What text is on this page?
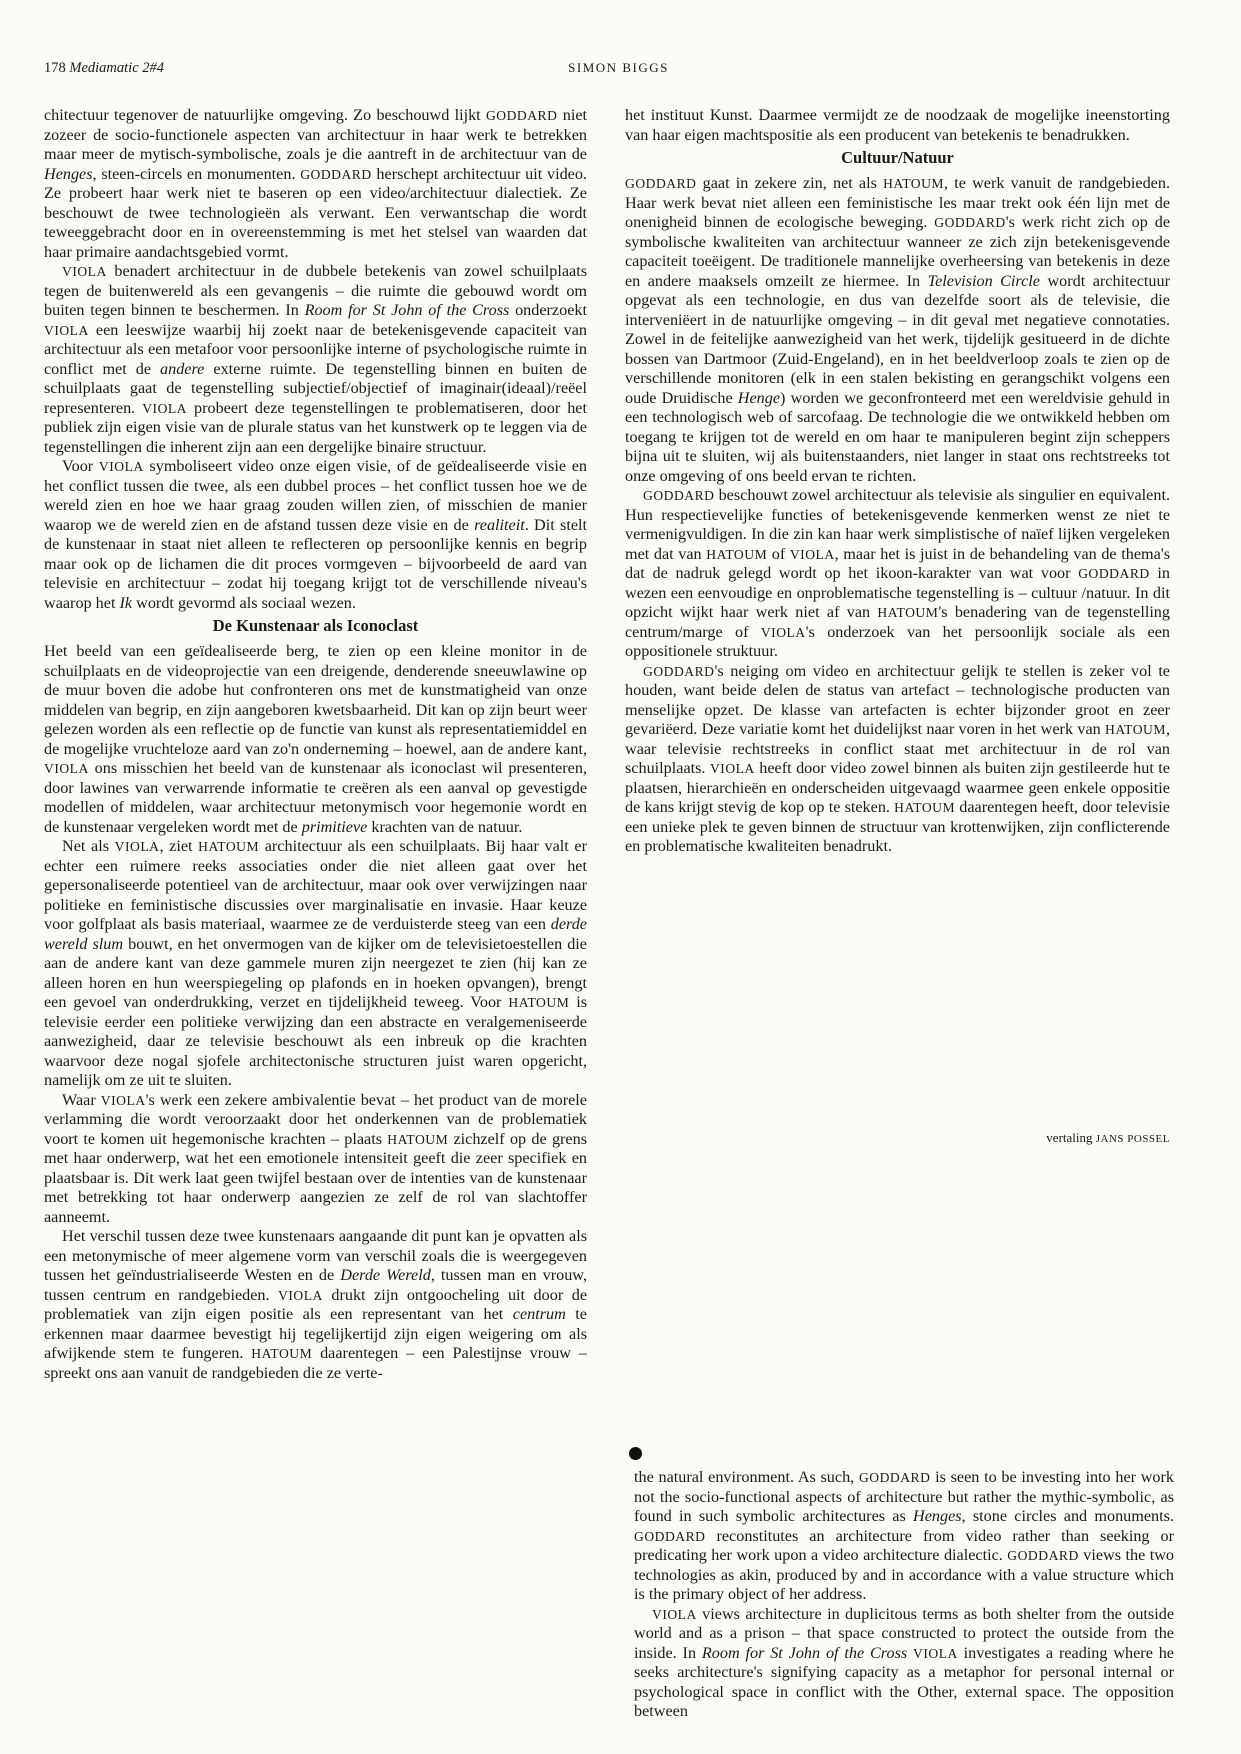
178 Mediamatic 2#4	SIMON BIGGS

chitectuur tegenover de natuurlijke omgeving. Zo beschouwd lijkt GODDARD niet zozeer de socio-functionele aspecten van architectuur in haar werk te betrekken maar meer de mytisch-symbolische, zoals je die aantreft in de architectuur van de Henges, steen-circels en monumenten. GODDARD herschept architectuur uit video. Ze probeert haar werk niet te baseren op een video/architectuur dialectiek. Ze beschouwt de twee technologieën als verwant. Een verwantschap die wordt teweeggebracht door en in overeenstemming is met het stelsel van waarden dat haar primaire aandachtsgebied vormt.

VIOLA benadert architectuur in de dubbele betekenis van zowel schuilplaats tegen de buitenwereld als een gevangenis – die ruimte die gebouwd wordt om buiten tegen binnen te beschermen. In Room for St John of the Cross onderzoekt VIOLA een leeswijze waarbij hij zoekt naar de betekenisgevende capaciteit van architectuur als een metafoor voor persoonlijke interne of psychologische ruimte in conflict met de andere externe ruimte. De tegenstelling binnen en buiten de schuilplaats gaat de tegenstelling subjectief/objectief of imaginair(ideaal)/reëel representeren. VIOLA probeert deze tegenstellingen te problematiseren, door het publiek zijn eigen visie van de plurale status van het kunstwerk op te leggen via de tegenstellingen die inherent zijn aan een dergelijke binaire structuur.

Voor VIOLA symboliseert video onze eigen visie, of de geïdealiseerde visie en het conflict tussen die twee, als een dubbel proces – het conflict tussen hoe we de wereld zien en hoe we haar graag zouden willen zien, of misschien de manier waarop we de wereld zien en de afstand tussen deze visie en de realiteit. Dit stelt de kunstenaar in staat niet alleen te reflecteren op persoonlijke kennis en begrip maar ook op de lichamen die dit proces vormgeven – bijvoorbeeld de aard van televisie en architectuur – zodat hij toegang krijgt tot de verschillende niveau's waarop het Ik wordt gevormd als sociaal wezen.

De Kunstenaar als Iconoclast

Het beeld van een geïdealiseerde berg, te zien op een kleine monitor in de schuilplaats en de videoprojectie van een dreigende, denderende sneeuwlawine op de muur boven die adobe hut confronteren ons met de kunstmatigheid van onze middelen van begrip, en zijn aangeboren kwetsbaarheid. Dit kan op zijn beurt weer gelezen worden als een reflectie op de functie van kunst als representatiemiddel en de mogelijke vruchteloze aard van zo'n onderneming – hoewel, aan de andere kant, VIOLA ons misschien het beeld van de kunstenaar als iconoclast wil presenteren, door lawines van verwarrende informatie te creëren als een aanval op gevestigde modellen of middelen, waar architectuur metonymisch voor hegemonie wordt en de kunstenaar vergeleken wordt met de primitieve krachten van de natuur.

Net als VIOLA, ziet HATOUM architectuur als een schuilplaats. Bij haar valt er echter een ruimere reeks associaties onder die niet alleen gaat over het gepersonaliseerde potentieel van de architectuur, maar ook over verwijzingen naar politieke en feministische discussies over marginalisatie en invasie. Haar keuze voor golfplaat als basis materiaal, waarmee ze de verduisterde steeg van een derde wereld slum bouwt, en het onvermogen van de kijker om de televisietoestellen die aan de andere kant van deze gammele muren zijn neergezet te zien (hij kan ze alleen horen en hun weerspiegeling op plafonds en in hoeken opvangen), brengt een gevoel van onderdrukking, verzet en tijdelijkheid teweeg. Voor HATOUM is televisie eerder een politieke verwijzing dan een abstracte en veralgemeniseerde aanwezigheid, daar ze televisie beschouwt als een inbreuk op die krachten waarvoor deze nogal sjofele architectonische structuren juist waren opgericht, namelijk om ze uit te sluiten.

Waar VIOLA's werk een zekere ambivalentie bevat – het product van de morele verlamming die wordt veroorzaakt door het onderkennen van de problematiek voort te komen uit hegemonische krachten – plaats HATOUM zichzelf op de grens met haar onderwerp, wat het een emotionele intensiteit geeft die zeer specifiek en plaatsbaar is. Dit werk laat geen twijfel bestaan over de intenties van de kunstenaar met betrekking tot haar onderwerp aangezien ze zelf de rol van slachtoffer aanneemt.

Het verschil tussen deze twee kunstenaars aangaande dit punt kan je opvatten als een metonymische of meer algemene vorm van verschil zoals die is weergegeven tussen het geïndustrialiseerde Westen en de Derde Wereld, tussen man en vrouw, tussen centrum en randgebieden. VIOLA drukt zijn ontgoocheling uit door de problematiek van zijn eigen positie als een representant van het centrum te erkennen maar daarmee bevestigt hij tegelijkertijd zijn eigen weigering om als afwijkende stem te fungeren. HATOUM daarentegen – een Palestijnse vrouw – spreekt ons aan vanuit de randgebieden die ze verte-

het instituut Kunst. Daarmee vermijdt ze de noodzaak de mogelijke ineenstorting van haar eigen machtspositie als een producent van betekenis te benadrukken.

Cultuur/Natuur

GODDARD gaat in zekere zin, net als HATOUM, te werk vanuit de randgebieden. Haar werk bevat niet alleen een feministische les maar trekt ook één lijn met de onenigheid binnen de ecologische beweging. GODDARD's werk richt zich op de symbolische kwaliteiten van architectuur wanneer ze zich zijn betekenisgevende capaciteit toeëigent. De traditionele mannelijke overheersing van betekenis in deze en andere maaksels omzeilt ze hiermee. In Television Circle wordt architectuur opgevat als een technologie, en dus van dezelfde soort als de televisie, die interveniëert in de natuurlijke omgeving – in dit geval met negatieve connotaties. Zowel in de feitelijke aanwezigheid van het werk, tijdelijk gesitueerd in de dichte bossen van Dartmoor (Zuid-Engeland), en in het beeldverloop zoals te zien op de verschillende monitoren (elk in een stalen bekisting en gerangschikt volgens een oude Druidische Henge) worden we geconfronteerd met een wereldvisie gehuld in een technologisch web of sarcofaag. De technologie die we ontwikkeld hebben om toegang te krijgen tot de wereld en om haar te manipuleren begint zijn scheppers bijna uit te sluiten, wij als buitenstaanders, niet langer in staat ons rechtstreeks tot onze omgeving of ons beeld ervan te richten.

GODDARD beschouwt zowel architectuur als televisie als singulier en equivalent. Hun respectievelijke functies of betekenisgevende kenmerken wenst ze niet te vermenigvuldigen. In die zin kan haar werk simplistische of naïef lijken vergeleken met dat van HATOUM of VIOLA, maar het is juist in de behandeling van de thema's dat de nadruk gelegd wordt op het ikoon-karakter van wat voor GODDARD in wezen een eenvoudige en onproblematische tegenstelling is – cultuur /natuur. In dit opzicht wijkt haar werk niet af van HATOUM's benadering van de tegenstelling centrum/marge of VIOLA's onderzoek van het persoonlijk sociale als een oppositionele struktuur.

GODDARD's neiging om video en architectuur gelijk te stellen is zeker vol te houden, want beide delen de status van artefact – technologische producten van menselijke opzet. De klasse van artefacten is echter bijzonder groot en zeer gevariëerd. Deze variatie komt het duidelijkst naar voren in het werk van HATOUM, waar televisie rechtstreeks in conflict staat met architectuur in de rol van schuilplaats. VIOLA heeft door video zowel binnen als buiten zijn gestileerde hut te plaatsen, hierarchieën en onderscheiden uitgevaagd waarmee geen enkele oppositie de kans krijgt stevig de kop op te steken. HATOUM daarentegen heeft, door televisie een unieke plek te geven binnen de structuur van krottenwijken, zijn conflicterende en problematische kwaliteiten benadrukt.

vertaling JANS POSSEL

the natural environment. As such, GODDARD is seen to be investing into her work not the socio-functional aspects of architecture but rather the mythic-symbolic, as found in such symbolic architectures as Henges, stone circles and monuments. GODDARD reconstitutes an architecture from video rather than seeking or predicating her work upon a video architecture dialectic. GODDARD views the two technologies as akin, produced by and in accordance with a value structure which is the primary object of her address.

VIOLA views architecture in duplicitous terms as both shelter from the outside world and as a prison – that space constructed to protect the outside from the inside. In Room for St John of the Cross VIOLA investigates a reading where he seeks architecture's signifying capacity as a metaphor for personal internal or psychological space in conflict with the Other, external space. The opposition between
